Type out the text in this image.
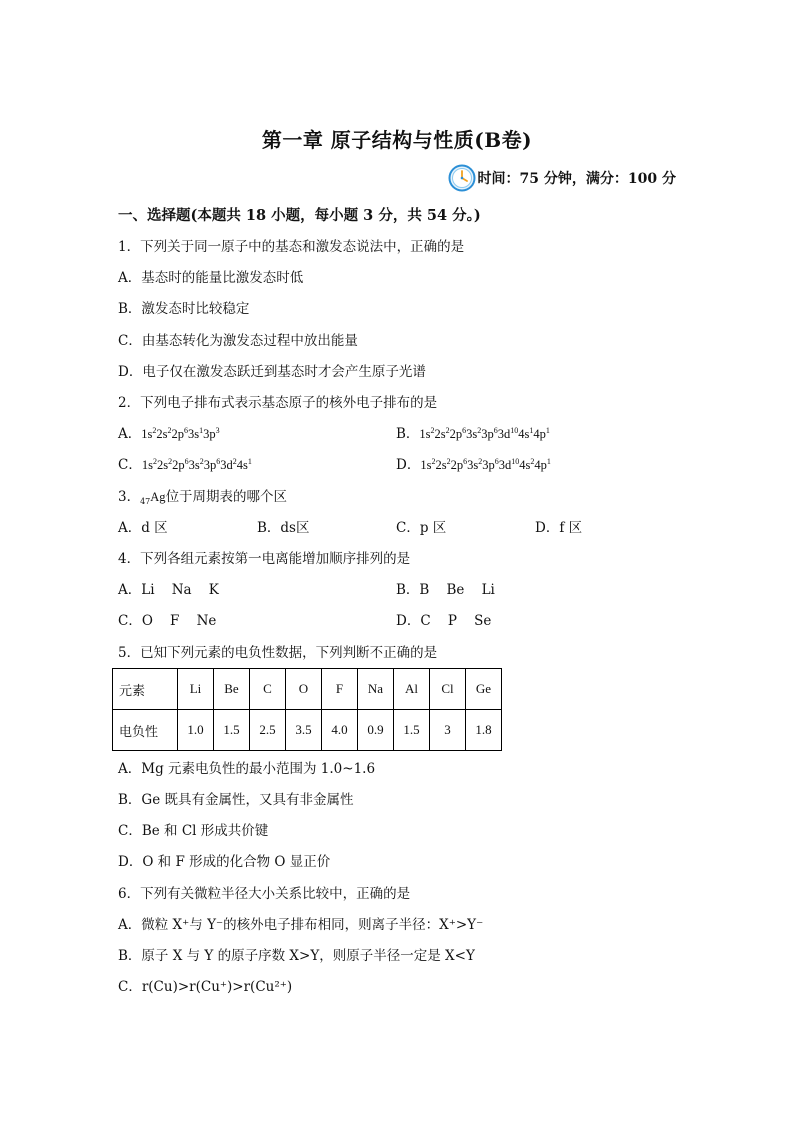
第一章 原子结构与性质(B卷)
时间：75 分钟，满分：100 分
一、选择题(本题共 18 小题，每小题 3 分，共 54 分。)
1．下列关于同一原子中的基态和激发态说法中，正确的是
A．基态时的能量比激发态时低
B．激发态时比较稳定
C．由基态转化为激发态过程中放出能量
D．电子仅在激发态跃迁到基态时才会产生原子光谱
2．下列电子排布式表示基态原子的核外电子排布的是
A．$1s^22s^22p^63s^13p^3$	B．$1s^22s^22p^63s^23p^63d^{10}4s^14p^1$
C．$1s^22s^22p^63s^23p^63d^24s^1$	D．$1s^22s^22p^63s^23p^63d^{10}4s^24p^1$
3．$_{47}$Ag位于周期表的哪个区
A．d 区	B．ds区	C．p 区	D．f 区
4．下列各组元素按第一电离能增加顺序排列的是
A．Li    Na    K	B．B    Be    Li
C．O    F    Ne	D．C    P    Se
5．已知下列元素的电负性数据，下列判断不正确的是
元素	Li	Be	C	O	F	Na	Al	Cl	Ge
电负性	1.0	1.5	2.5	3.5	4.0	0.9	1.5	3	1.8
A．Mg 元素电负性的最小范围为 1.0~1.6
B．Ge 既具有金属性，又具有非金属性
C．Be 和 Cl 形成共价键
D．O 和 F 形成的化合物 O 显正价
6．下列有关微粒半径大小关系比较中，正确的是
A．微粒 X⁺与 Y⁻的核外电子排布相同，则离子半径：X⁺>Y⁻
B．原子 X 与 Y 的原子序数 X>Y，则原子半径一定是 X<Y
C．r(Cu)>r(Cu⁺)>r(Cu²⁺)
